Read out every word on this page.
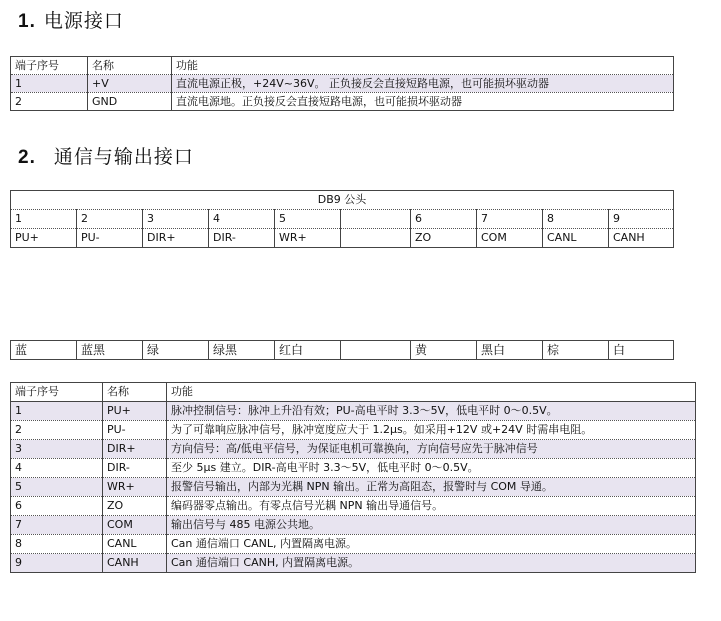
1. 电源接口
端子序号	名称	功能
1	+V	直流电源正极，+24V~36V。 正负接反会直接短路电源，也可能损坏驱动器
2	GND	直流电源地。正负接反会直接短路电源，也可能损坏驱动器
2. 通信与输出接口
DB9 公头									
1	2	3	4	5		6	7	8	9
PU+	PU-	DIR+	DIR-	WR+		ZO	COM	CANL	CANH
蓝	蓝黑	绿	绿黑	红白		黄	黑白	棕	白
端子序号	名称	功能
1	PU+	脉冲控制信号：脉冲上升沿有效；PU-高电平时 3.3～5V，低电平时 0～0.5V。
2	PU-	为了可靠响应脉冲信号，脉冲宽度应大于 1.2μs。如采用+12V 或+24V 时需串电阻。
3	DIR+	方向信号：高/低电平信号，为保证电机可靠换向，方向信号应先于脉冲信号
4	DIR-	至少 5μs 建立。DIR-高电平时 3.3～5V，低电平时 0～0.5V。
5	WR+	报警信号输出，内部为光耦 NPN 输出。正常为高阻态，报警时与 COM 导通。
6	ZO	编码器零点输出。有零点信号光耦 NPN 输出导通信号。
7	COM	输出信号与 485 电源公共地。
8	CANL	Can 通信端口 CANL, 内置隔离电源。
9	CANH	Can 通信端口 CANH, 内置隔离电源。
